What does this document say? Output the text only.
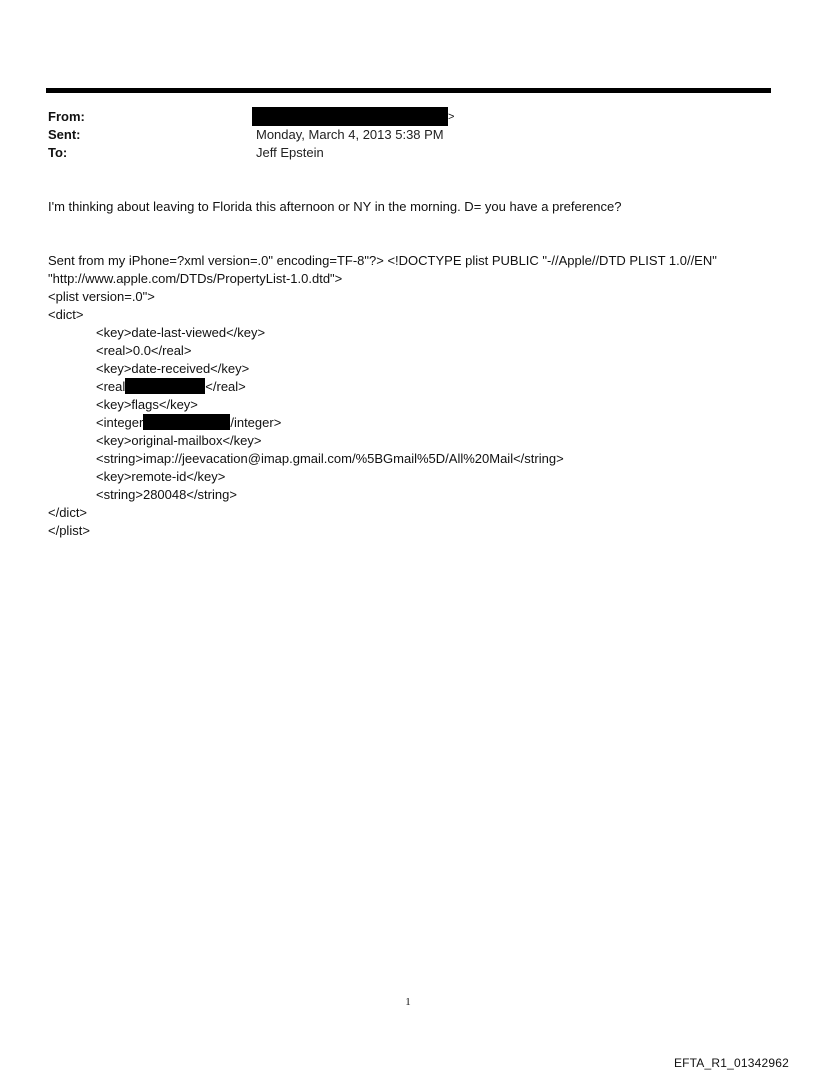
From:	>
Sent:	Monday, March 4, 2013 5:38 PM
To:	Jeff Epstein
I'm thinking about leaving to Florida this afternoon or NY in the morning. D= you have a preference?
Sent from my iPhone=?xml version=.0" encoding=TF-8"?> <!DOCTYPE plist PUBLIC "-//Apple//DTD PLIST 1.0//EN"
"http://www.apple.com/DTDs/PropertyList-1.0.dtd">
<plist version=.0">
<dict>
<key>date-last-viewed</key>
<real>0.0</real>
<key>date-received</key>
<real	</real>
<key>flags</key>
<integer	/integer>
<key>original-mailbox</key>
<string>imap://jeevacation@imap.gmail.com/%5BGmail%5D/All%20Mail</string>
<key>remote-id</key>
<string>280048</string>
</dict>
</plist>
1
EFTA_R1_01342962
